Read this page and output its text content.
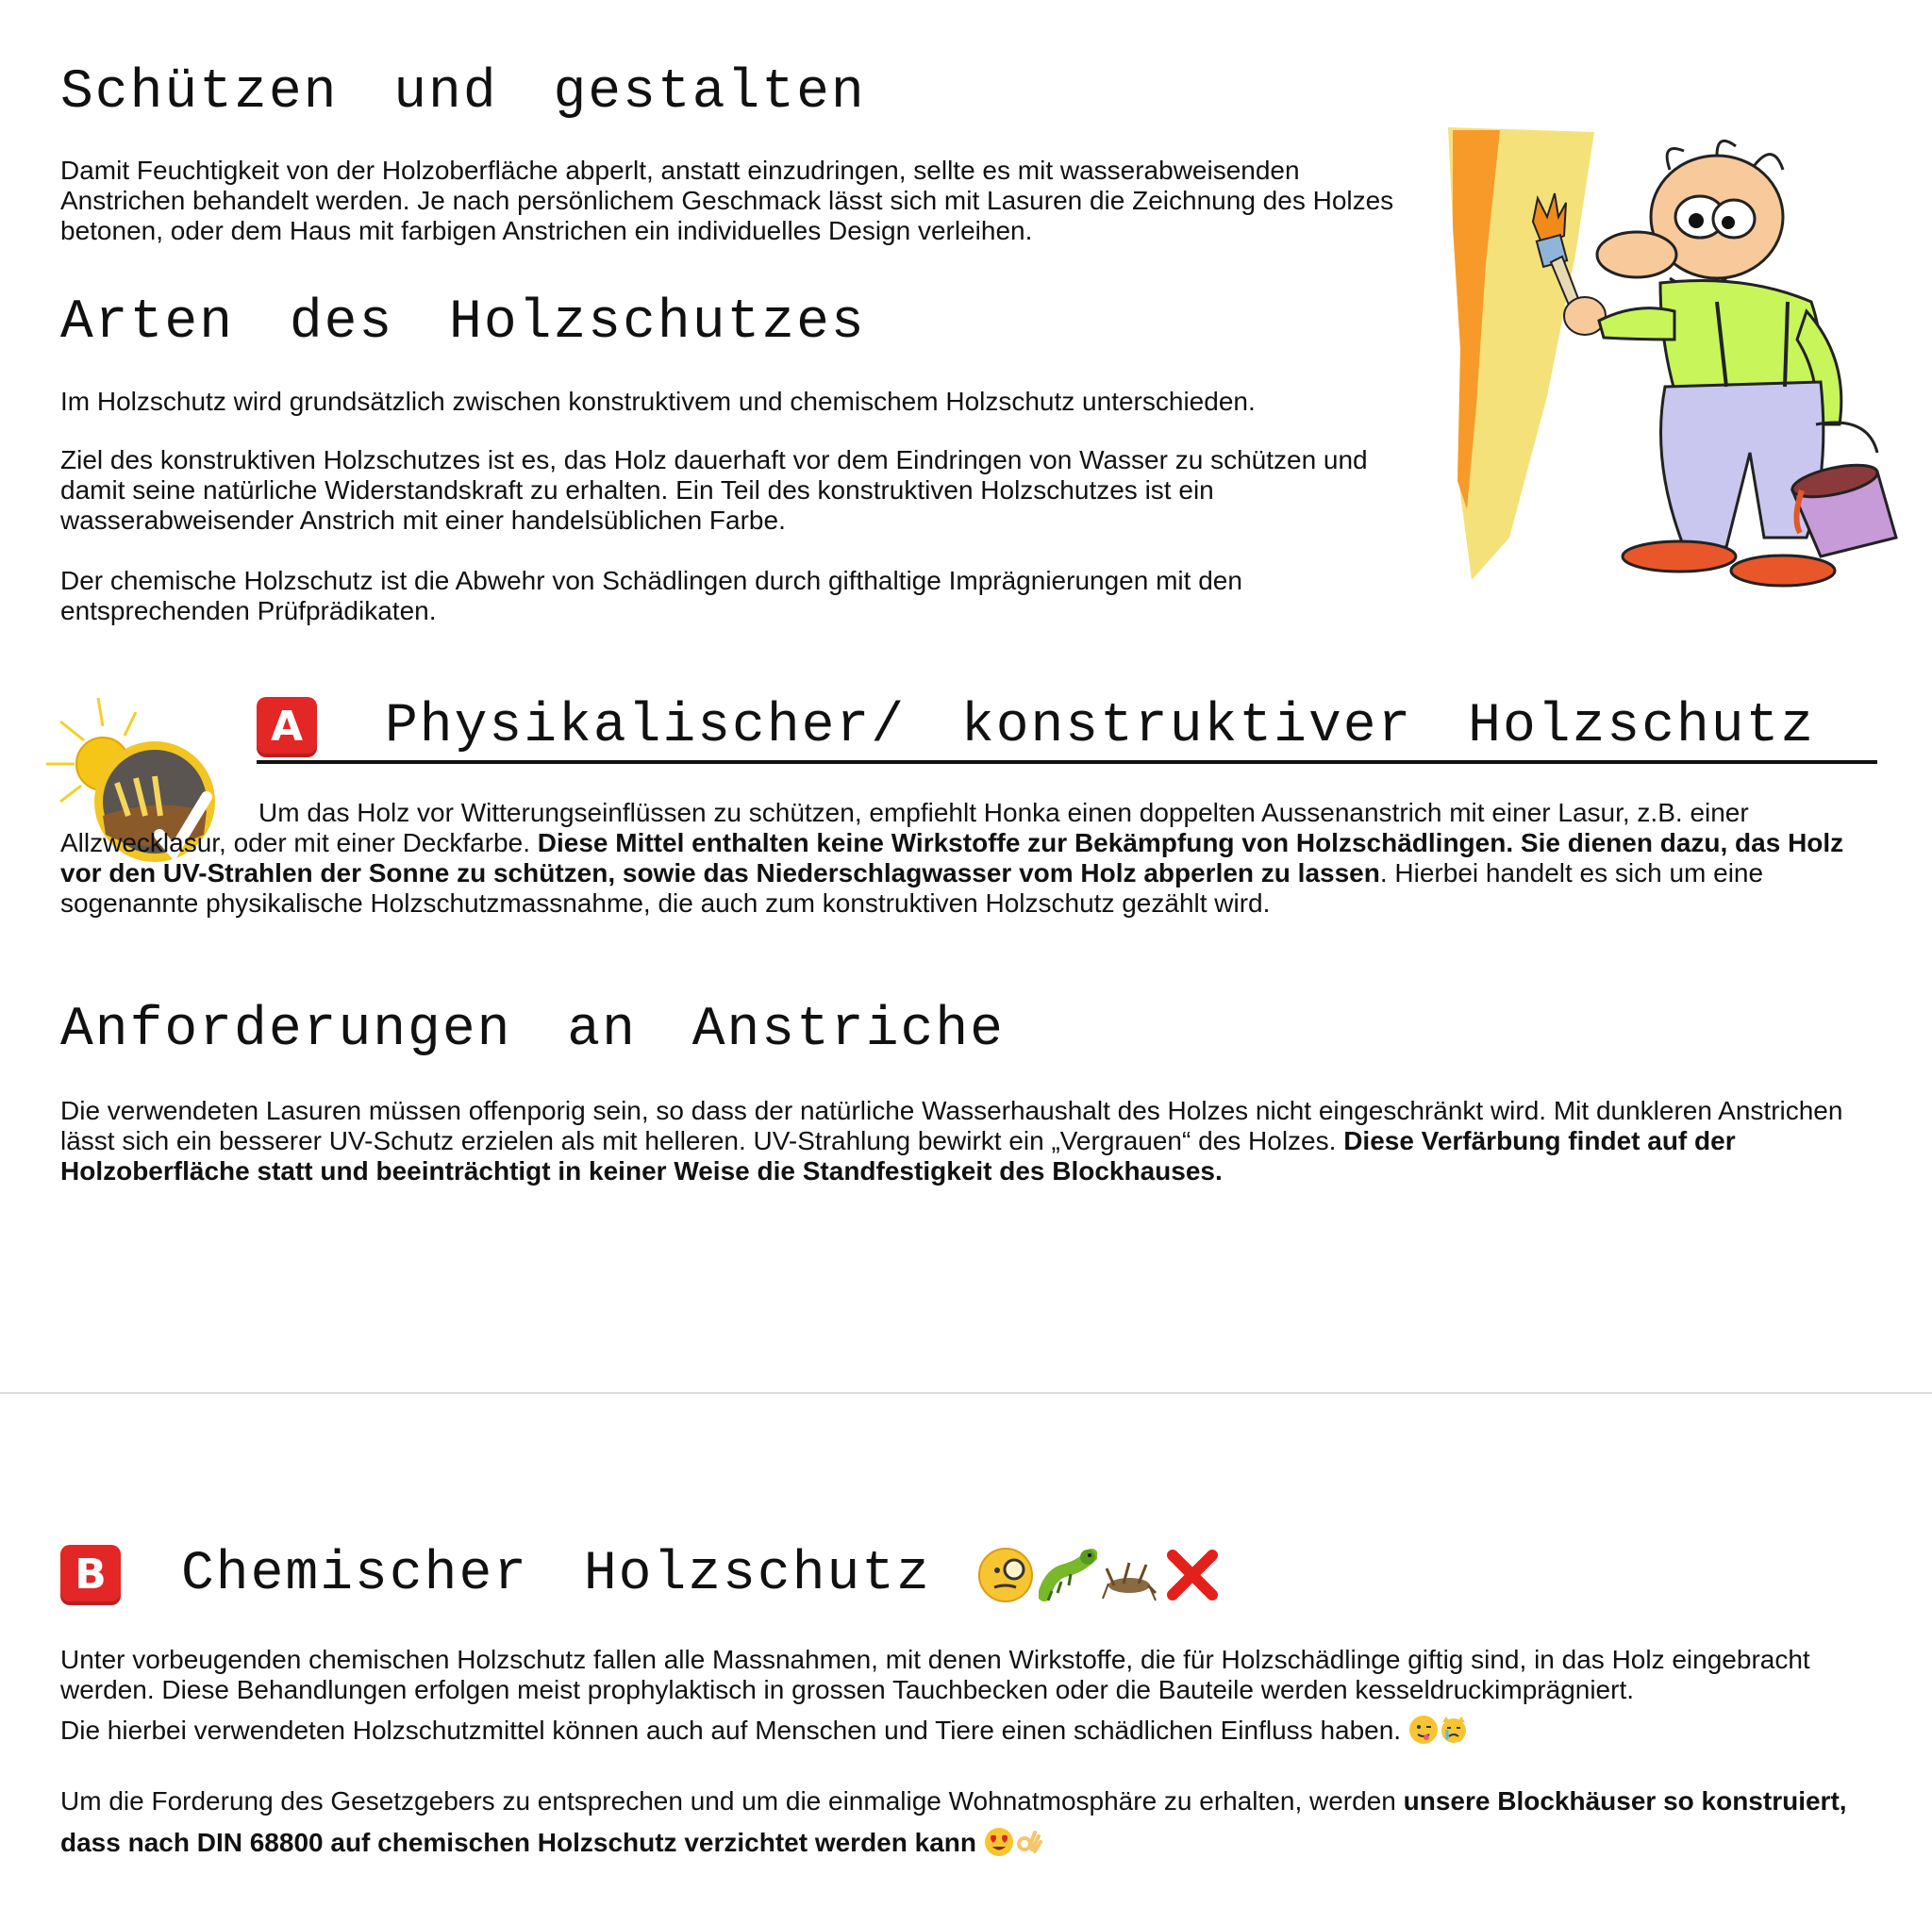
Schützen und gestalten

Damit Feuchtigkeit von der Holzoberfläche abperlt, anstatt einzudringen, sellte es mit wasserabweisenden Anstrichen behandelt werden. Je nach persönlichem Geschmack lässt sich mit Lasuren die Zeichnung des Holzes betonen, oder dem Haus mit farbigen Anstrichen ein individuelles Design verleihen.

Arten des Holzschutzes

Im Holzschutz wird grundsätzlich zwischen konstruktivem und chemischem Holzschutz unterschieden.

Ziel des konstruktiven Holzschutzes ist es, das Holz dauerhaft vor dem Eindringen von Wasser zu schützen und damit seine natürliche Widerstandskraft zu erhalten. Ein Teil des konstruktiven Holzschutzes ist ein wasserabweisender Anstrich mit einer handelsüblichen Farbe.

Der chemische Holzschutz ist die Abwehr von Schädlingen durch gifthaltige Imprägnierungen mit den entsprechenden Prüfprädikaten.

A Physikalischer/ konstruktiver Holzschutz

Um das Holz vor Witterungseinflüssen zu schützen, empfiehlt Honka einen doppelten Aussenanstrich mit einer Lasur, z.B. einer Allzwecklasur, oder mit einer Deckfarbe. Diese Mittel enthalten keine Wirkstoffe zur Bekämpfung von Holzschädlingen. Sie dienen dazu, das Holz vor den UV-Strahlen der Sonne zu schützen, sowie das Niederschlagwasser vom Holz abperlen zu lassen. Hierbei handelt es sich um eine sogenannte physikalische Holzschutzmassnahme, die auch zum konstruktiven Holzschutz gezählt wird.

Anforderungen an Anstriche

Die verwendeten Lasuren müssen offenporig sein, so dass der natürliche Wasserhaushalt des Holzes nicht eingeschränkt wird. Mit dunkleren Anstrichen lässt sich ein besserer UV-Schutz erzielen als mit helleren. UV-Strahlung bewirkt ein „Vergrauen“ des Holzes. Diese Verfärbung findet auf der Holzoberfläche statt und beeinträchtigt in keiner Weise die Standfestigkeit des Blockhauses.

B Chemischer Holzschutz

Unter vorbeugenden chemischen Holzschutz fallen alle Massnahmen, mit denen Wirkstoffe, die für Holzschädlinge giftig sind, in das Holz eingebracht werden. Diese Behandlungen erfolgen meist prophylaktisch in grossen Tauchbecken oder die Bauteile werden kesseldruckimprägniert.

Die hierbei verwendeten Holzschutzmittel können auch auf Menschen und Tiere einen schädlichen Einfluss haben.

Um die Forderung des Gesetzgebers zu entsprechen und um die einmalige Wohnatmosphäre zu erhalten, werden unsere Blockhäuser so konstruiert, dass nach DIN 68800 auf chemischen Holzschutz verzichtet werden kann
